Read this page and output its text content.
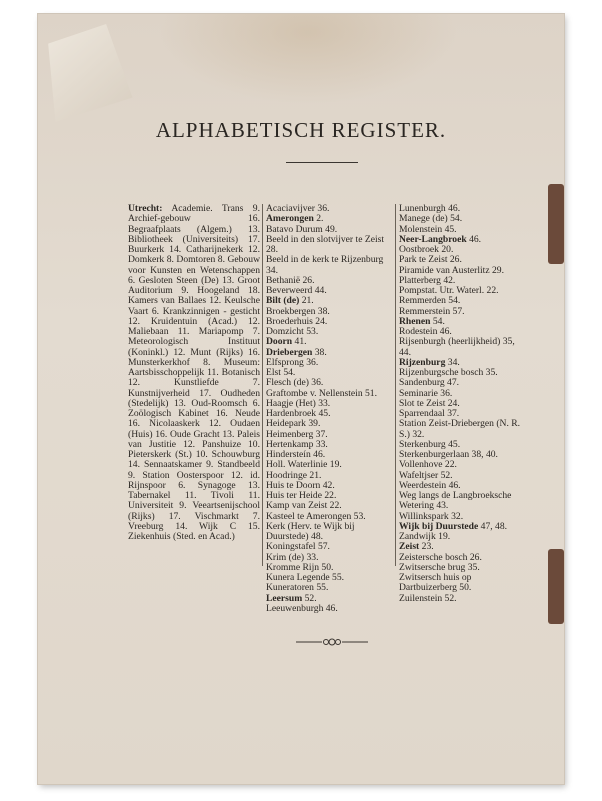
ALPHABETISCH REGISTER.
Utrecht: Academie. Trans 9. Archief-gebouw 16. Begraafplaats (Algem.) 13. Bibliotheek (Universiteits) 17. Buurkerk 14. Catharijnekerk 12. Domkerk 8. Domtoren 8. Gebouw voor Kunsten en Wetenschappen 6. Gesloten Steen (De) 13. Groot Auditorium 9. Hoogeland 18. Kamers van Ballaes 12. Keulsche Vaart 6. Krankzinnigen - gesticht 12. Kruidentuin (Acad.) 12. Maliebaan 11. Mariapomp 7. Meteorologisch Instituut (Koninkl.) 12. Munt (Rijks) 16. Munsterkerkhof 8. Museum: Aartsbisschoppelijk 11. Botanisch 12. Kunstliefde 7. Kunstnijverheid 17. Oudheden (Stedelijk) 13. Oud-Roomsch 6. Zoölogisch Kabinet 16. Neude 16. Nicolaaskerk 12. Oudaen (Huis) 16. Oude Gracht 13. Paleis van Justitie 12. Panshuize 10. Pieterskerk (St.) 10. Schouwburg 14. Sennaatskamer 9. Standbeeld 9. Station Oosterspoor 12. id. Rijnspoor 6. Synagoge 13. Tabernakel 11. Tivoli 11. Universiteit 9. Veeartsenijschool (Rijks) 17. Vischmarkt 7. Vreeburg 14. Wijk C 15. Ziekenhuis (Sted. en Acad.)
Acaciavijver 36.
Amerongen 2.
Batavo Durum 49.
Beeld in den slotvijver te Zeist 28.
Beeld in de kerk te Rijzenburg 34.
Bethanië 26.
Beverweerd 44.
Bilt (de) 21.
Broekbergen 38.
Broederhuis 24.
Domzicht 53.
Doorn 41.
Driebergen 38.
Elfsprong 36.
Elst 54.
Flesch (de) 36.
Graftombe v. Nellenstein 51.
Haagje (Het) 33.
Hardenbroek 45.
Heidepark 39.
Heimenberg 37.
Hertenkamp 33.
Hindersteín 46.
Holl. Waterlinie 19.
Hoodringe 21.
Huis te Doorn 42.
Huis ter Heide 22.
Kamp van Zeist 22.
Kasteel te Amerongen 53.
Kerk (Herv. te Wijk bij Duurstede) 48.
Koningstafel 57.
Krim (de) 33.
Kromme Rijn 50.
Kunera Legende 55.
Kuneratoren 55.
Leersum 52.
Leeuwenburgh 46.
Lunenburgh 46.
Manege (de) 54.
Molenstein 45.
Neer-Langbroek 46.
Oostbroek 20.
Park te Zeist 26.
Piramide van Austerlitz 29.
Platterberg 42.
Pompstat. Utr. Waterl. 22.
Remmerden 54.
Remmerstein 57.
Rhenen 54.
Rodestein 46.
Rijsenburgh (heerlijkheid) 35, 44.
Rijzenburg 34.
Rijzenburgsche bosch 35.
Sandenburg 47.
Seminarie 36.
Slot te Zeist 24.
Sparrendaal 37.
Station Zeist-Driebergen (N. R. S.) 32.
Sterkenburg 45.
Sterkenburgerlaan 38, 40.
Vollenhove 22.
Wafeltjser 52.
Weerdestein 46.
Weg langs de Langbroeksche Wetering 43.
Willinkspark 32.
Wijk bij Duurstede 47, 48.
Zandwijk 19.
Zeist 23.
Zeistersche bosch 26.
Zwitsersche brug 35.
Zwitsersch huis op Dartbuizerberg 50.
Zuilenstein 52.
